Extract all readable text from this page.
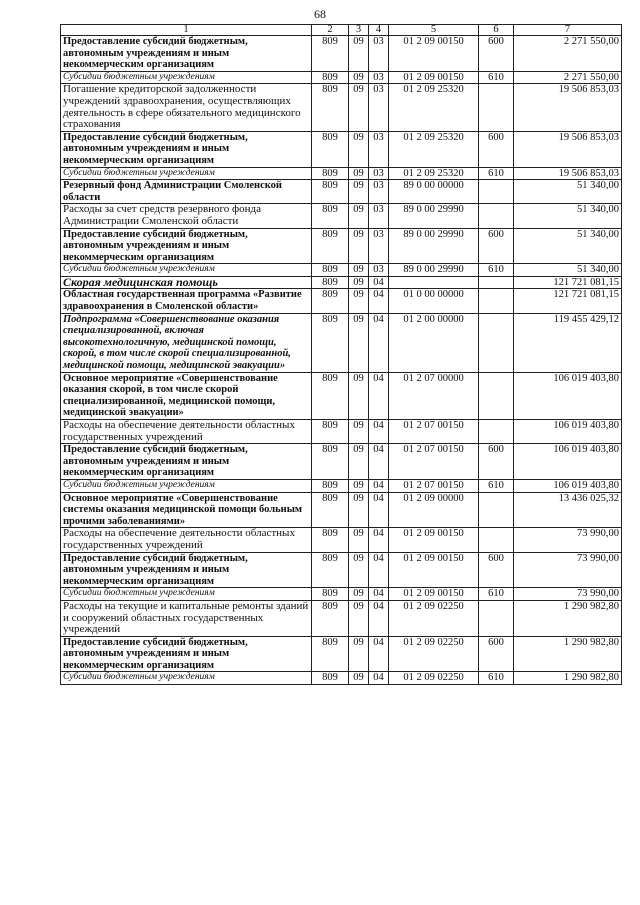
68
1	2	3	4	5	6	7
Предоставление субсидий бюджетным, автономным учреждениям и иным некоммерческим организациям	809	09	03	01 2 09 00150	600	2 271 550,00
Субсидии бюджетным учреждениям	809	09	03	01 2 09 00150	610	2 271 550,00
Погашение кредиторской задолженности учреждений здравоохранения, осуществляющих деятельность в сфере обязательного медицинского страхования	809	09	03	01 2 09 25320		19 506 853,03
Предоставление субсидий бюджетным, автономным учреждениям и иным некоммерческим организациям	809	09	03	01 2 09 25320	600	19 506 853,03
Субсидии бюджетным учреждениям	809	09	03	01 2 09 25320	610	19 506 853,03
Резервный фонд Администрации Смоленской области	809	09	03	89 0 00 00000		51 340,00
Расходы за счет средств резервного фонда Администрации Смоленской области	809	09	03	89 0 00 29990		51 340,00
Предоставление субсидий бюджетным, автономным учреждениям и иным некоммерческим организациям	809	09	03	89 0 00 29990	600	51 340,00
Субсидии бюджетным учреждениям	809	09	03	89 0 00 29990	610	51 340,00
Скорая медицинская помощь	809	09	04			121 721 081,15
Областная государственная программа «Развитие здравоохранения в Смоленской области»	809	09	04	01 0 00 00000		121 721 081,15
Подпрограмма «Совершенствование оказания специализированной, включая высокотехнологичную, медицинской помощи, скорой, в том числе скорой специализированной, медицинской помощи, медицинской эвакуации»	809	09	04	01 2 00 00000		119 455 429,12
Основное мероприятие «Совершенствование оказания скорой, в том числе скорой специализированной, медицинской помощи, медицинской эвакуации»	809	09	04	01 2 07 00000		106 019 403,80
Расходы на обеспечение деятельности областных государственных учреждений	809	09	04	01 2 07 00150		106 019 403,80
Предоставление субсидий бюджетным, автономным учреждениям и иным некоммерческим организациям	809	09	04	01 2 07 00150	600	106 019 403,80
Субсидии бюджетным учреждениям	809	09	04	01 2 07 00150	610	106 019 403,80
Основное мероприятие «Совершенствование системы оказания медицинской помощи больным прочими заболеваниями»	809	09	04	01 2 09 00000		13 436 025,32
Расходы на обеспечение деятельности областных государственных учреждений	809	09	04	01 2 09 00150		73 990,00
Предоставление субсидий бюджетным, автономным учреждениям и иным некоммерческим организациям	809	09	04	01 2 09 00150	600	73 990,00
Субсидии бюджетным учреждениям	809	09	04	01 2 09 00150	610	73 990,00
Расходы на текущие и капитальные ремонты зданий и сооружений областных государственных учреждений	809	09	04	01 2 09 02250		1 290 982,80
Предоставление субсидий бюджетным, автономным учреждениям и иным некоммерческим организациям	809	09	04	01 2 09 02250	600	1 290 982,80
Субсидии бюджетным учреждениям	809	09	04	01 2 09 02250	610	1 290 982,80
